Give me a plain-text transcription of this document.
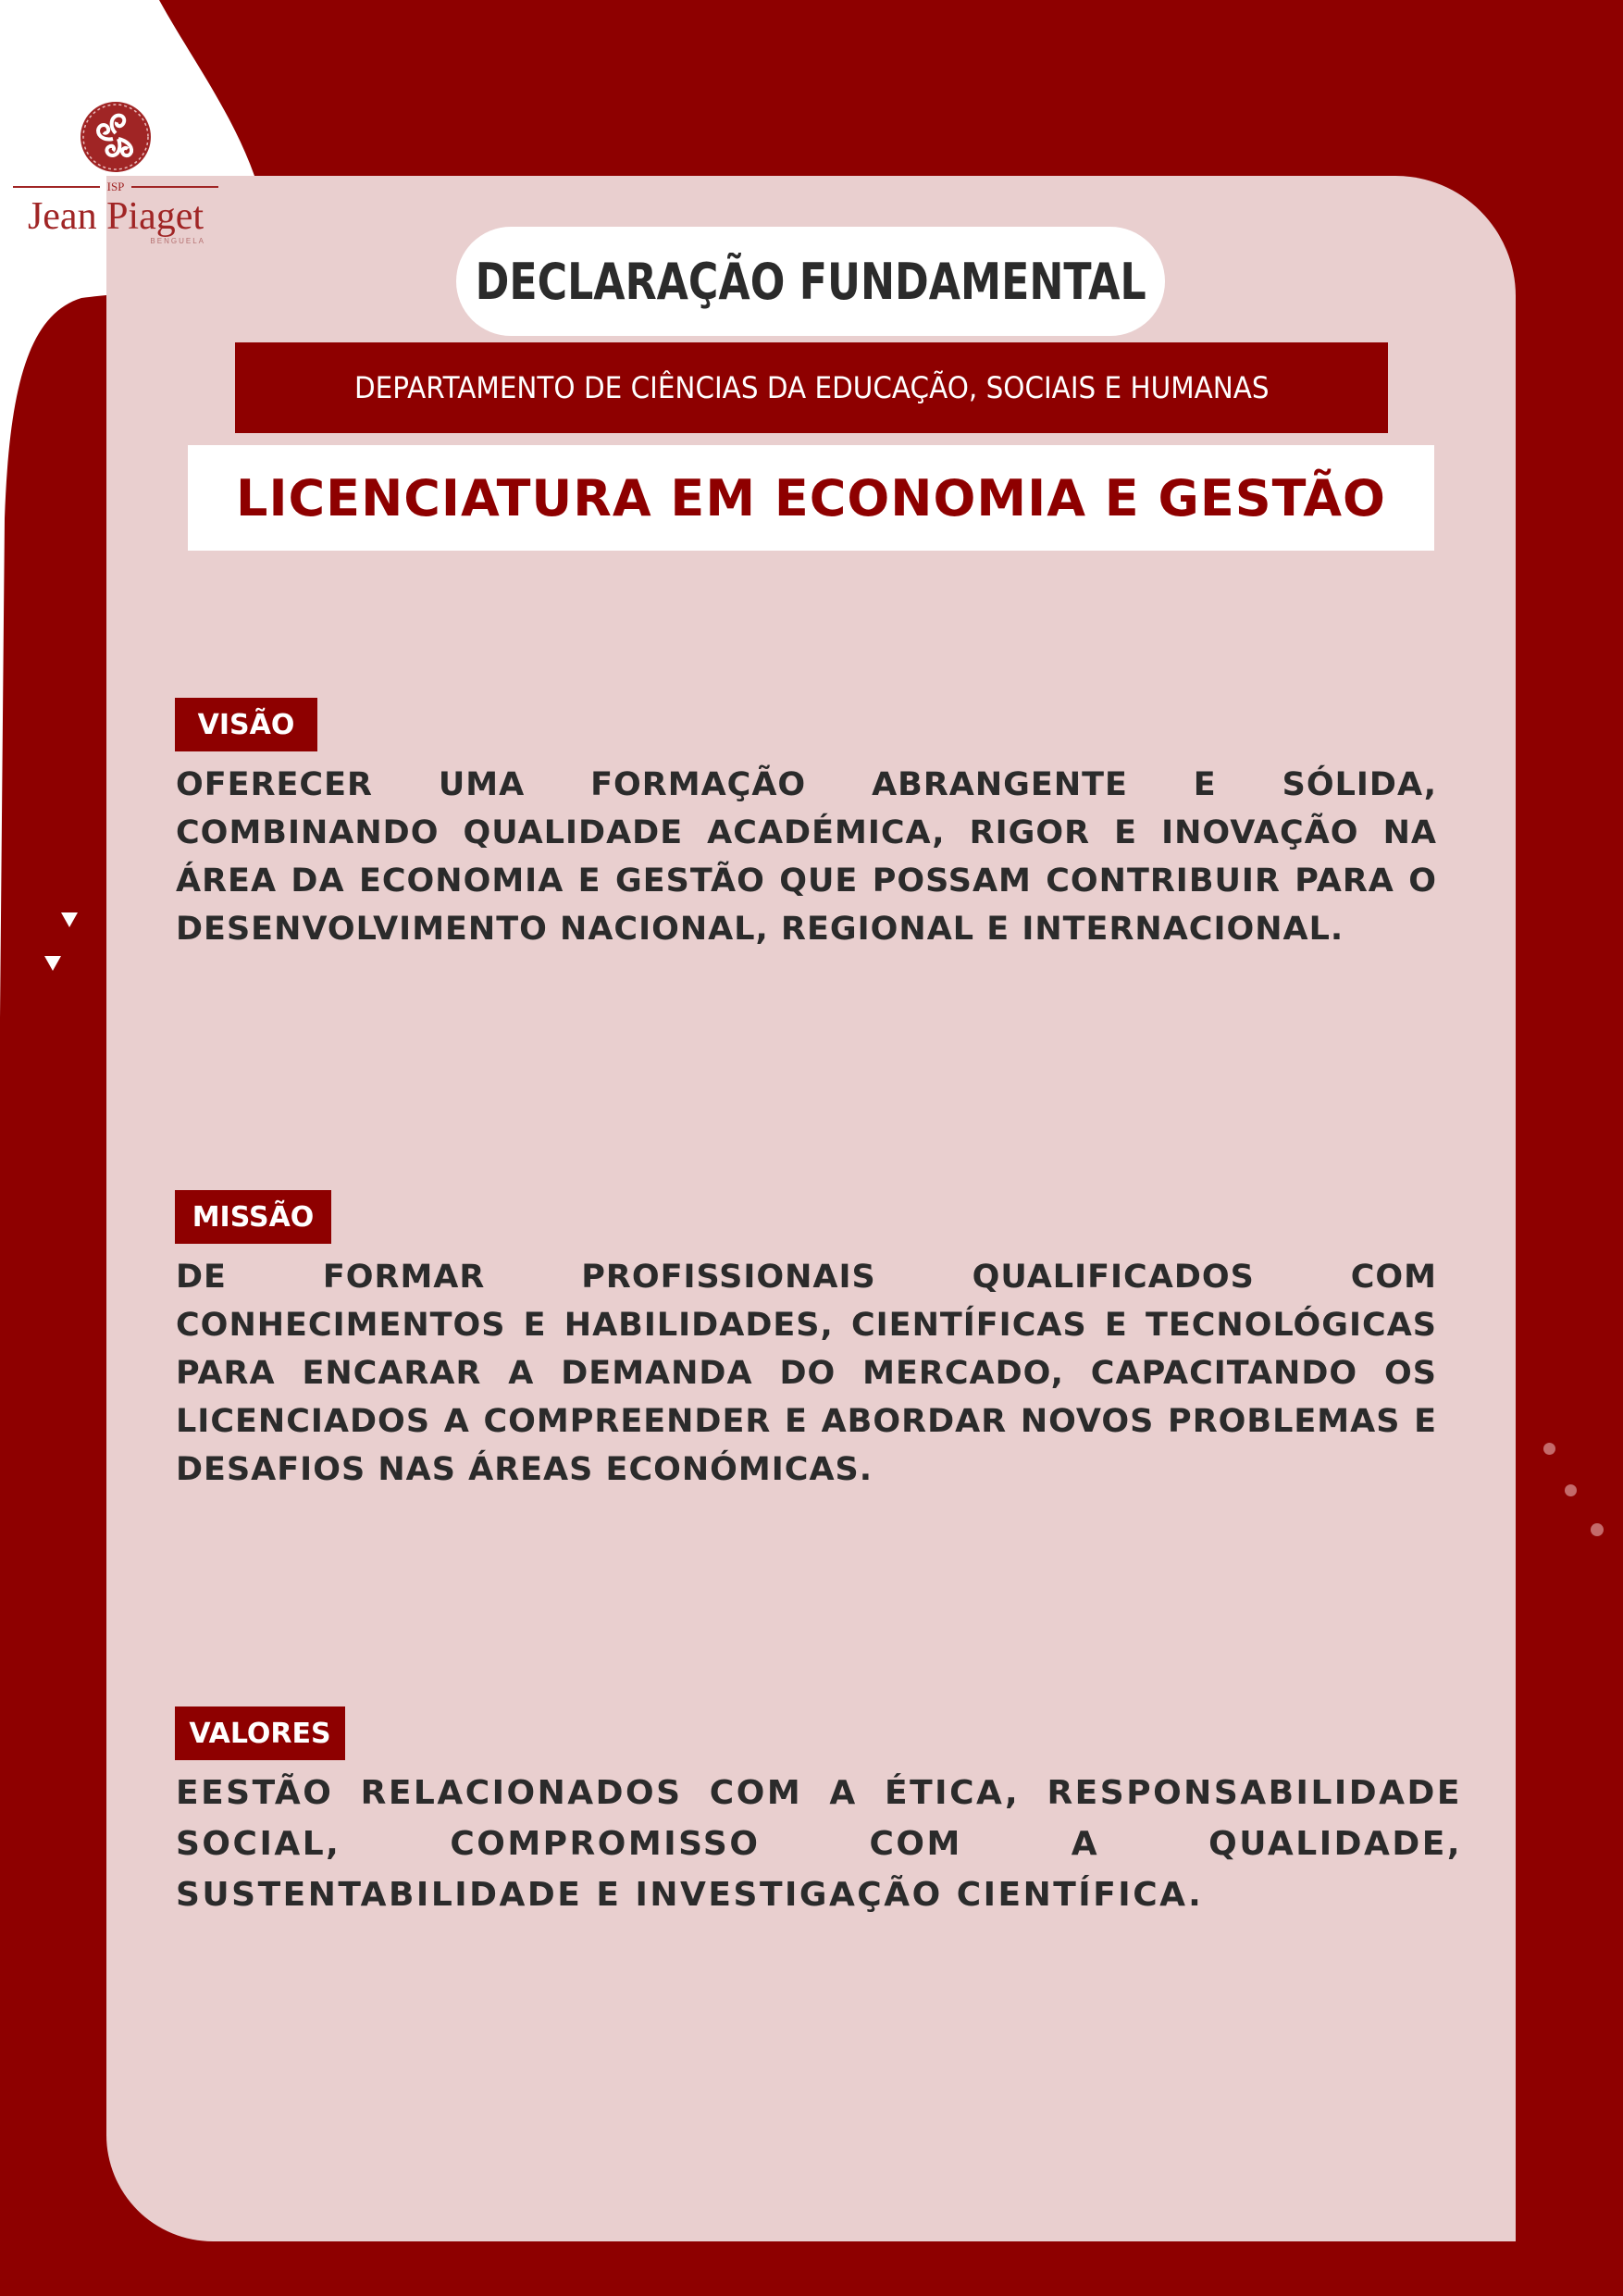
ISP
Jean Piaget
BENGUELA
DECLARAÇÃO FUNDAMENTAL
DEPARTAMENTO DE CIÊNCIAS DA EDUCAÇÃO, SOCIAIS E HUMANAS
LICENCIATURA EM ECONOMIA E GESTÃO
VISÃO
OFERECER UMA FORMAÇÃO ABRANGENTE E SÓLIDA, COMBINANDO QUALIDADE ACADÉMICA, RIGOR E INOVAÇÃO NA ÁREA DA ECONOMIA E GESTÃO QUE POSSAM CONTRIBUIR PARA O DESENVOLVIMENTO NACIONAL, REGIONAL E INTERNACIONAL.
MISSÃO
DE FORMAR PROFISSIONAIS QUALIFICADOS COM CONHECIMENTOS E HABILIDADES, CIENTÍFICAS E TECNOLÓGICAS PARA ENCARAR A DEMANDA DO MERCADO, CAPACITANDO OS LICENCIADOS A COMPREENDER E ABORDAR NOVOS PROBLEMAS E DESAFIOS NAS ÁREAS ECONÓMICAS.
VALORES
EESTÃO RELACIONADOS COM A ÉTICA, RESPONSABILIDADE SOCIAL, COMPROMISSO COM A QUALIDADE, SUSTENTABILIDADE E INVESTIGAÇÃO CIENTÍFICA.
